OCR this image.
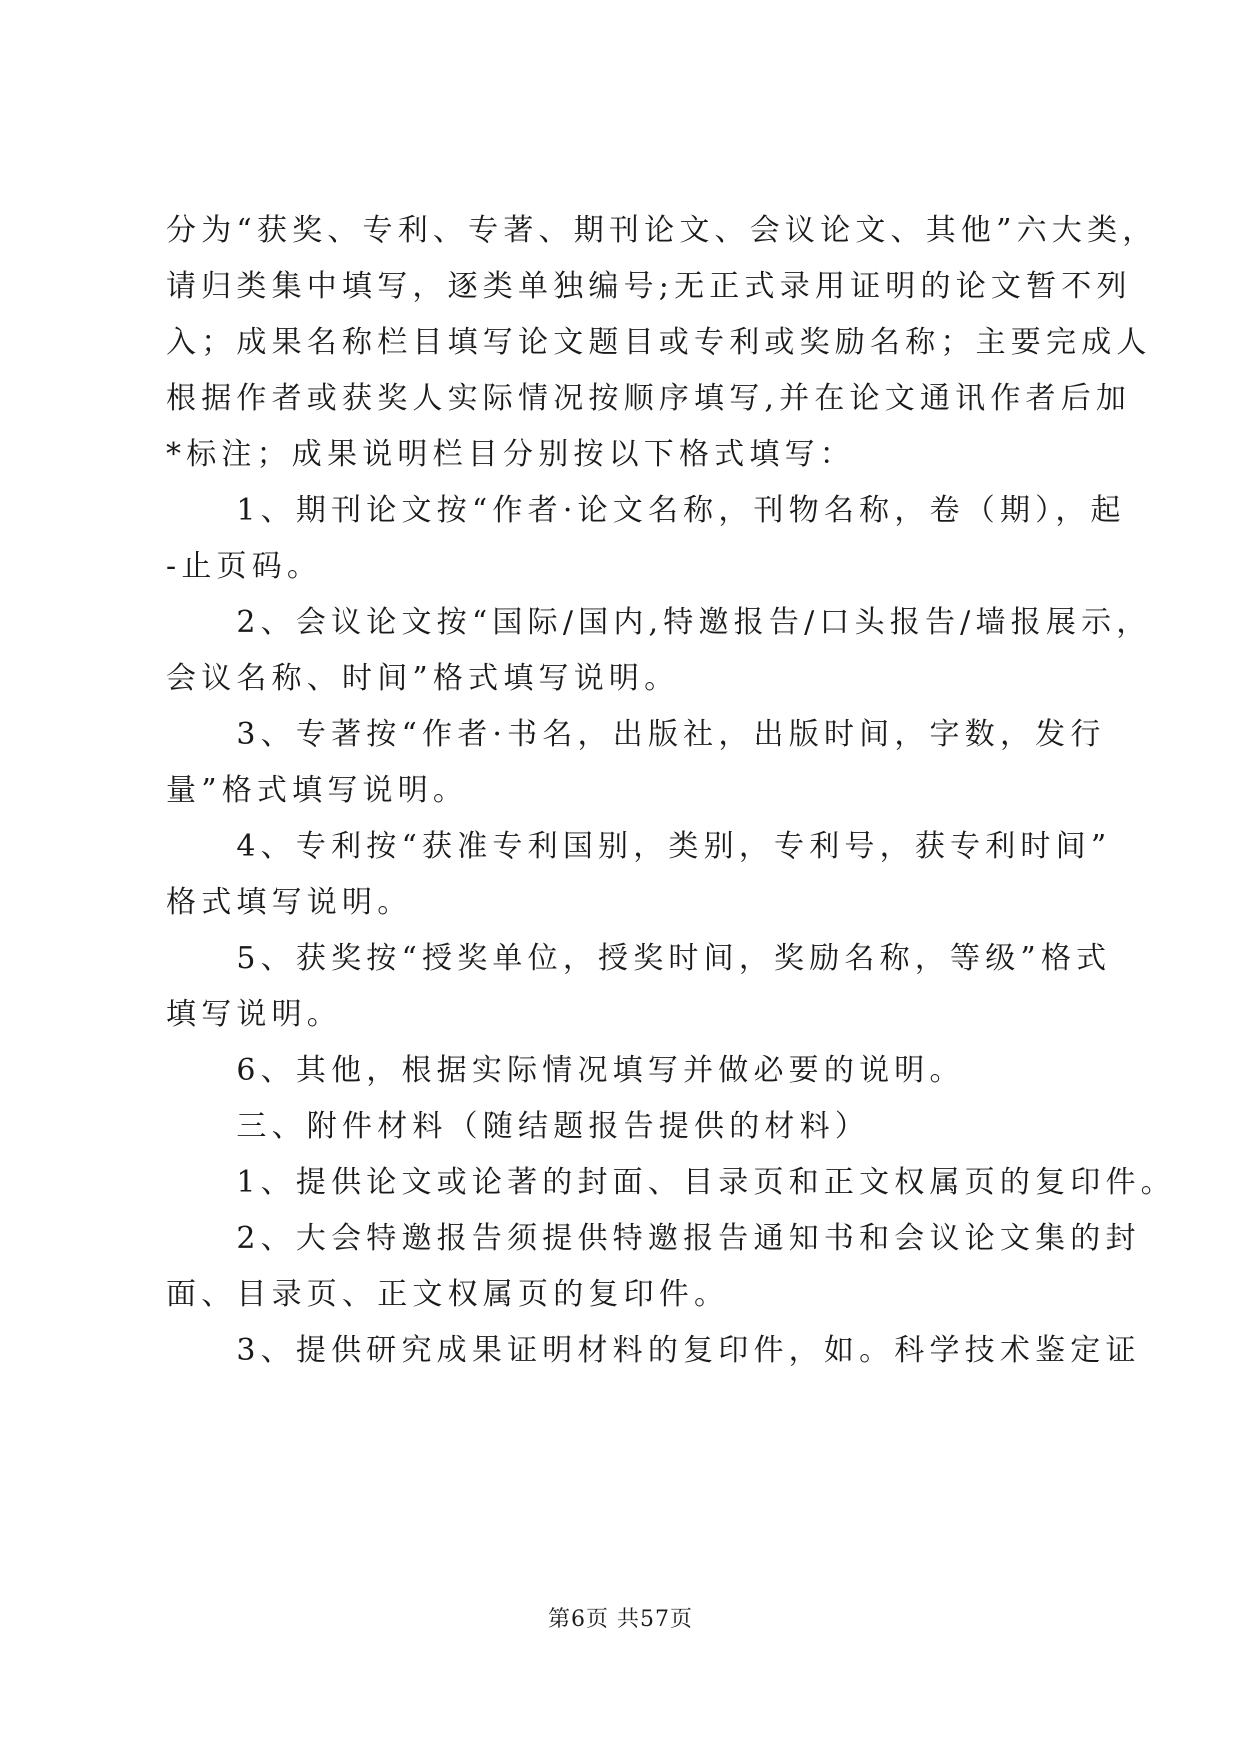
分为“获奖、专利、专著、期刊论文、会议论文、其他”六大类，
请归类集中填写，逐类单独编号;无正式录用证明的论文暂不列
入；成果名称栏目填写论文题目或专利或奖励名称；主要完成人
根据作者或获奖人实际情况按顺序填写,并在论文通讯作者后加
*标注；成果说明栏目分别按以下格式填写：
　　1、期刊论文按“作者·论文名称，刊物名称，卷（期），起
-止页码。
　　2、会议论文按“国际/国内,特邀报告/口头报告/墙报展示，
会议名称、时间”格式填写说明。
　　3、专著按“作者·书名，出版社，出版时间，字数，发行
量”格式填写说明。
　　4、专利按“获准专利国别，类别，专利号，获专利时间”
格式填写说明。
　　5、获奖按“授奖单位，授奖时间，奖励名称，等级”格式
填写说明。
　　6、其他，根据实际情况填写并做必要的说明。
　　三、附件材料（随结题报告提供的材料）
　　1、提供论文或论著的封面、目录页和正文权属页的复印件。
　　2、大会特邀报告须提供特邀报告通知书和会议论文集的封
面、目录页、正文权属页的复印件。
　　3、提供研究成果证明材料的复印件，如。科学技术鉴定证
第6页 共57页
